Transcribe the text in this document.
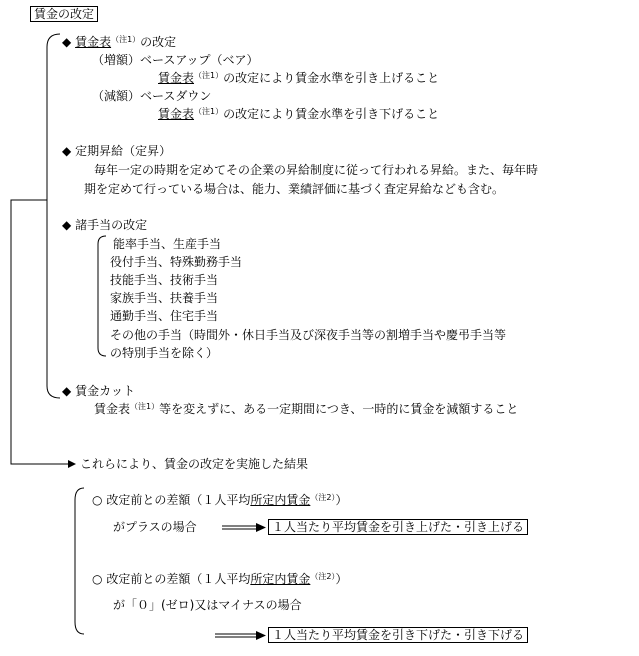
賃金の改定
◆ 賃金表$^{(注1)}$の改定
（増額）ベースアップ（ベア）
賃金表$^{(注1)}$の改定により賃金水準を引き上げること
（減額）ベースダウン
賃金表$^{(注1)}$の改定により賃金水準を引き下げること
◆ 定期昇給（定昇）
毎年一定の時期を定めてその企業の昇給制度に従って行われる昇給。また、毎年時
期を定めて行っている場合は、能力、業績評価に基づく査定昇給なども含む。
◆ 諸手当の改定
能率手当、生産手当
役付手当、特殊勤務手当
技能手当、技術手当
家族手当、扶養手当
通勤手当、住宅手当
その他の手当（時間外・休日手当及び深夜手当等の割増手当や慶弔手当等
の特別手当を除く）
◆ 賃金カット
賃金表$^{(注1)}$等を変えずに、ある一定期間につき、一時的に賃金を減額すること
これらにより、賃金の改定を実施した結果
○ 改定前との差額（１人平均所定内賃金$^{(注2)}$）
がプラスの場合	１人当たり平均賃金を引き上げた・引き上げる
○ 改定前との差額（１人平均所定内賃金$^{(注2)}$）
が「０」(ゼロ)又はマイナスの場合
１人当たり平均賃金を引き下げた・引き下げる
